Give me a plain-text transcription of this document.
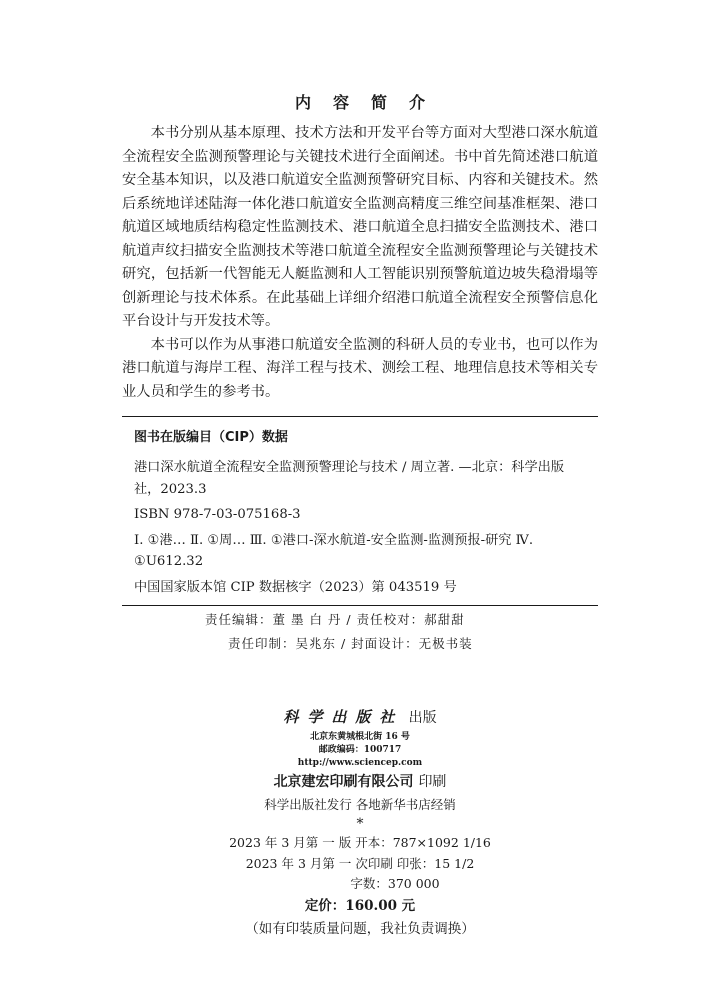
内容简介

本书分别从基本原理、技术方法和开发平台等方面对大型港口深水航道全流程安全监测预警理论与关键技术进行全面阐述。书中首先简述港口航道安全基本知识，以及港口航道安全监测预警研究目标、内容和关键技术。然后系统地详述陆海一体化港口航道安全监测高精度三维空间基准框架、港口航道区域地质结构稳定性监测技术、港口航道全息扫描安全监测技术、港口航道声纹扫描安全监测技术等港口航道全流程安全监测预警理论与关键技术研究，包括新一代智能无人艇监测和人工智能识别预警航道边坡失稳滑塌等创新理论与技术体系。在此基础上详细介绍港口航道全流程安全预警信息化平台设计与开发技术等。

本书可以作为从事港口航道安全监测的科研人员的专业书，也可以作为港口航道与海岸工程、海洋工程与技术、测绘工程、地理信息技术等相关专业人员和学生的参考书。

图书在版编目（CIP）数据
港口深水航道全流程安全监测预警理论与技术 / 周立著. —北京：科学出版社，2023.3
ISBN 978-7-03-075168-3
Ⅰ. ①港… Ⅱ. ①周… Ⅲ. ①港口-深水航道-安全监测-监测预报-研究 Ⅳ. ①U612.32
中国国家版本馆 CIP 数据核字（2023）第 043519 号
责任编辑：董 墨 白 丹 / 责任校对：郝甜甜
责任印制：吴兆东 / 封面设计：无极书装
科学出版社 出版
北京东黄城根北街 16 号
邮政编码：100717
http://www.sciencep.com
北京建宏印刷有限公司 印刷
科学出版社发行 各地新华书店经销
*
2023 年 3 月第 一 版 开本：787×1092 1/16
2023 年 3 月第 一 次印刷 印张：15 1/2
字数：370 000
定价：160.00 元
（如有印装质量问题，我社负责调换）
